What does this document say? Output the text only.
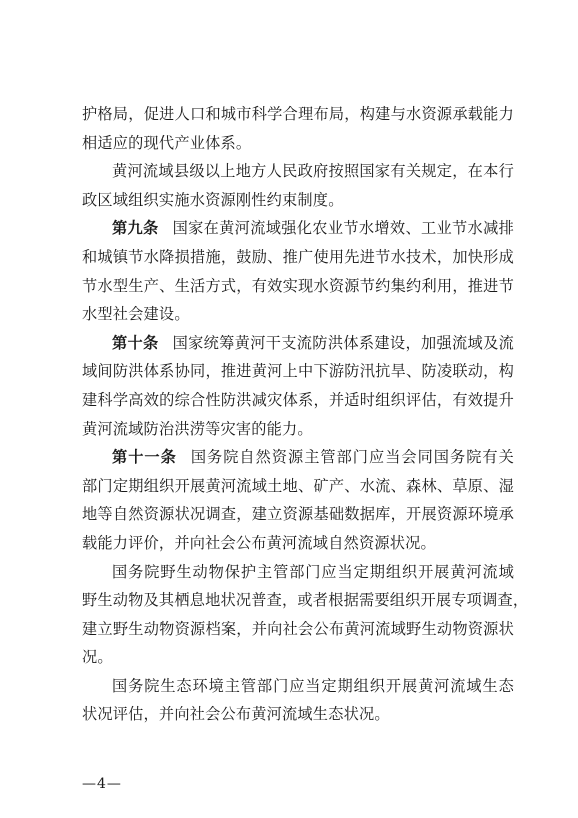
护格局，促进人口和城市科学合理布局，构建与水资源承载能力
相适应的现代产业体系。
黄河流域县级以上地方人民政府按照国家有关规定，在本行
政区域组织实施水资源刚性约束制度。
第九条 国家在黄河流域强化农业节水增效、工业节水减排
和城镇节水降损措施，鼓励、推广使用先进节水技术，加快形成
节水型生产、生活方式，有效实现水资源节约集约利用，推进节
水型社会建设。
第十条 国家统筹黄河干支流防洪体系建设，加强流域及流
域间防洪体系协同，推进黄河上中下游防汛抗旱、防凌联动，构
建科学高效的综合性防洪减灾体系，并适时组织评估，有效提升
黄河流域防治洪涝等灾害的能力。
第十一条 国务院自然资源主管部门应当会同国务院有关
部门定期组织开展黄河流域土地、矿产、水流、森林、草原、湿
地等自然资源状况调查，建立资源基础数据库，开展资源环境承
载能力评价，并向社会公布黄河流域自然资源状况。
国务院野生动物保护主管部门应当定期组织开展黄河流域
野生动物及其栖息地状况普查，或者根据需要组织开展专项调查，
建立野生动物资源档案，并向社会公布黄河流域野生动物资源状
况。
国务院生态环境主管部门应当定期组织开展黄河流域生态
状况评估，并向社会公布黄河流域生态状况。
—4—
